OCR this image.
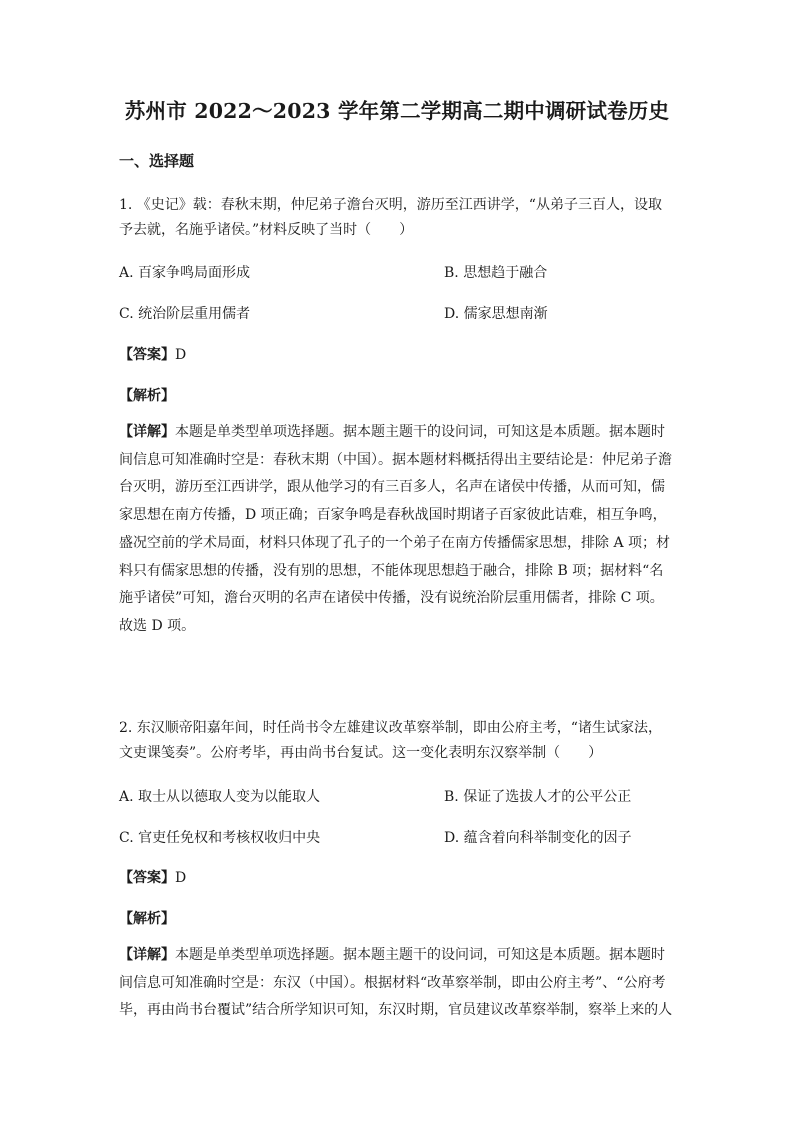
苏州市 2022～2023 学年第二学期高二期中调研试卷历史
一、选择题
1. 《史记》载：春秋末期，仲尼弟子澹台灭明，游历至江西讲学，“从弟子三百人，设取
予去就，名施乎诸侯。”材料反映了当时（　　）
A. 百家争鸣局面形成	B. 思想趋于融合
C. 统治阶层重用儒者	D. 儒家思想南渐
【答案】D
【解析】
【详解】本题是单类型单项选择题。据本题主题干的设问词，可知这是本质题。据本题时
间信息可知准确时空是：春秋末期（中国）。据本题材料概括得出主要结论是：仲尼弟子澹
台灭明，游历至江西讲学，跟从他学习的有三百多人，名声在诸侯中传播，从而可知，儒
家思想在南方传播，D 项正确；百家争鸣是春秋战国时期诸子百家彼此诘难，相互争鸣，
盛况空前的学术局面，材料只体现了孔子的一个弟子在南方传播儒家思想，排除 A 项；材
料只有儒家思想的传播，没有别的思想，不能体现思想趋于融合，排除 B 项；据材料“名
施乎诸侯”可知，澹台灭明的名声在诸侯中传播，没有说统治阶层重用儒者，排除 C 项。
故选 D 项。
2. 东汉顺帝阳嘉年间，时任尚书令左雄建议改革察举制，即由公府主考，“诸生试家法，
文吏课笺奏”。公府考毕，再由尚书台复试。这一变化表明东汉察举制（　　）
A. 取士从以德取人变为以能取人	B. 保证了选拔人才的公平公正
C. 官吏任免权和考核权收归中央	D. 蕴含着向科举制变化的因子
【答案】D
【解析】
【详解】本题是单类型单项选择题。据本题主题干的设问词，可知这是本质题。据本题时
间信息可知准确时空是：东汉（中国）。根据材料“改革察举制，即由公府主考”、“公府考
毕，再由尚书台覆试”结合所学知识可知，东汉时期，官员建议改革察举制，察举上来的人
